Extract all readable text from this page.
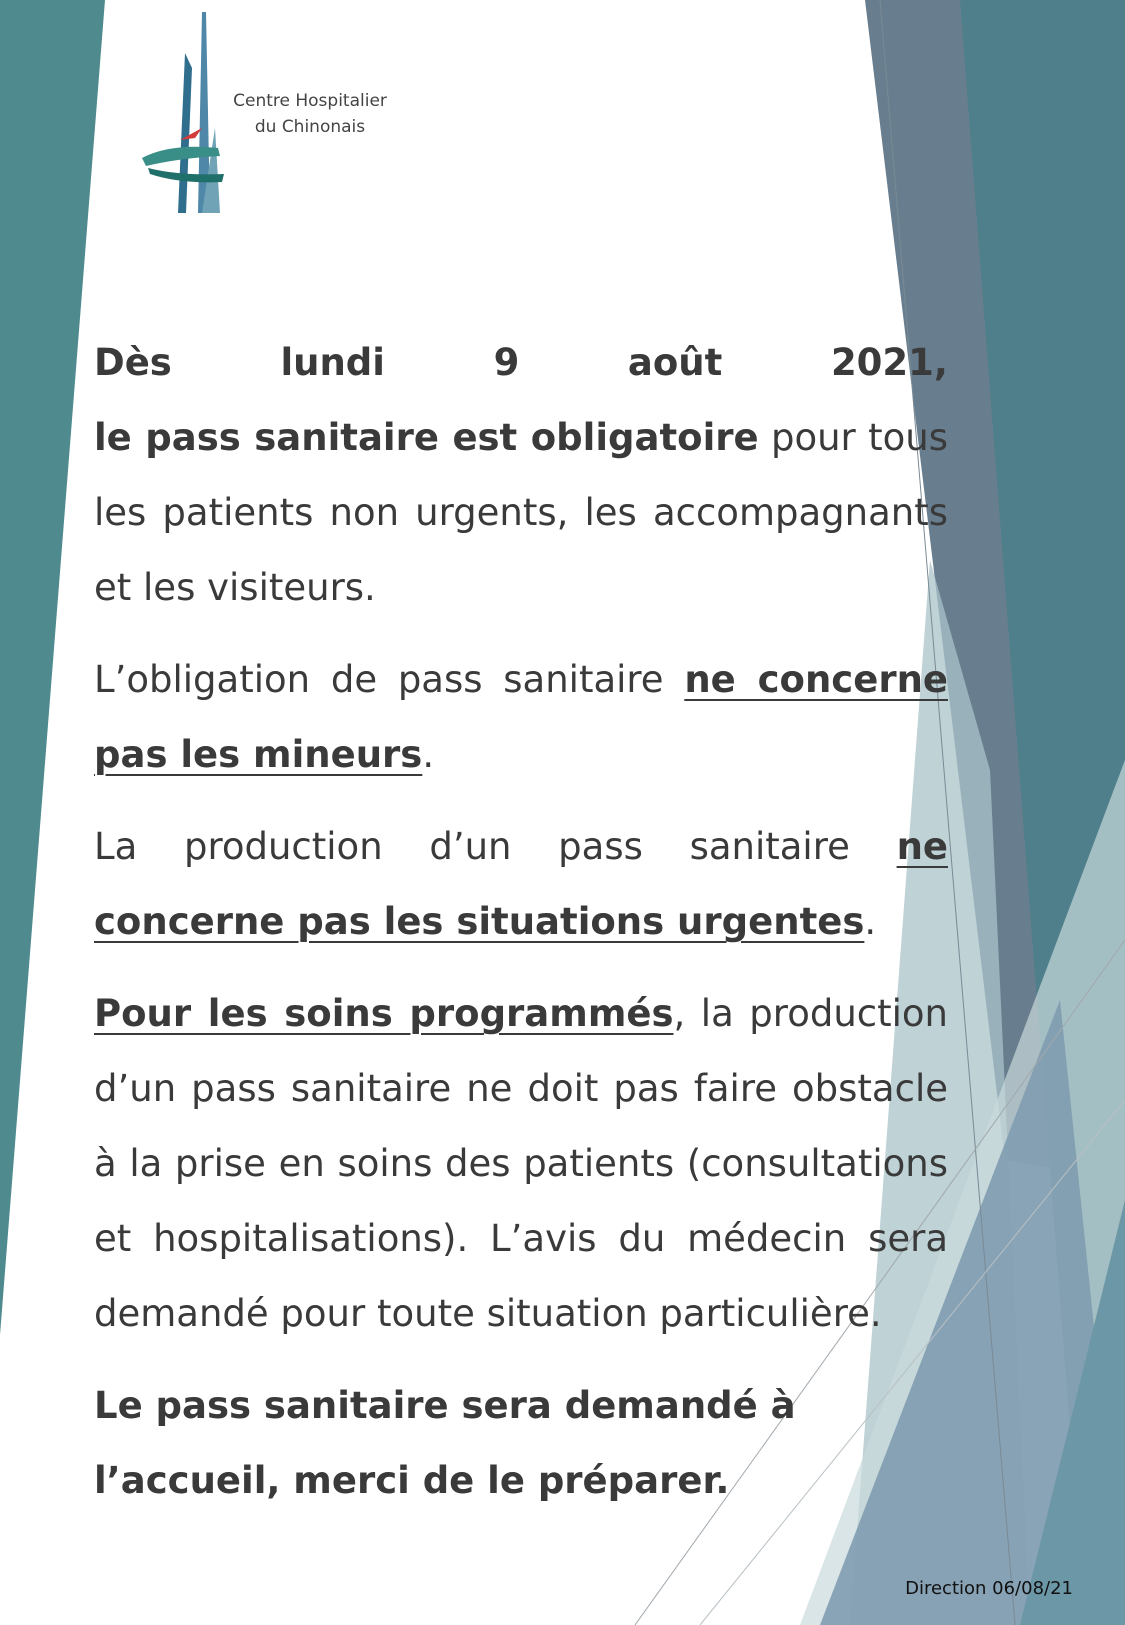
Centre Hospitalier
du Chinonais

Dès	lundi	9	août	2021,
le pass sanitaire est obligatoire pour tous les patients non urgents, les accompagnants et les visiteurs.

L’obligation de pass sanitaire ne concerne pas les mineurs.

La production d’un pass sanitaire ne concerne pas les situations urgentes.

Pour les soins programmés, la production d’un pass sanitaire ne doit pas faire obstacle à la prise en soins des patients (consultations et hospitalisations). L’avis du médecin sera demandé pour toute situation particulière.

Le pass sanitaire sera demandé à l’accueil, merci de le préparer.

Direction 06/08/21
